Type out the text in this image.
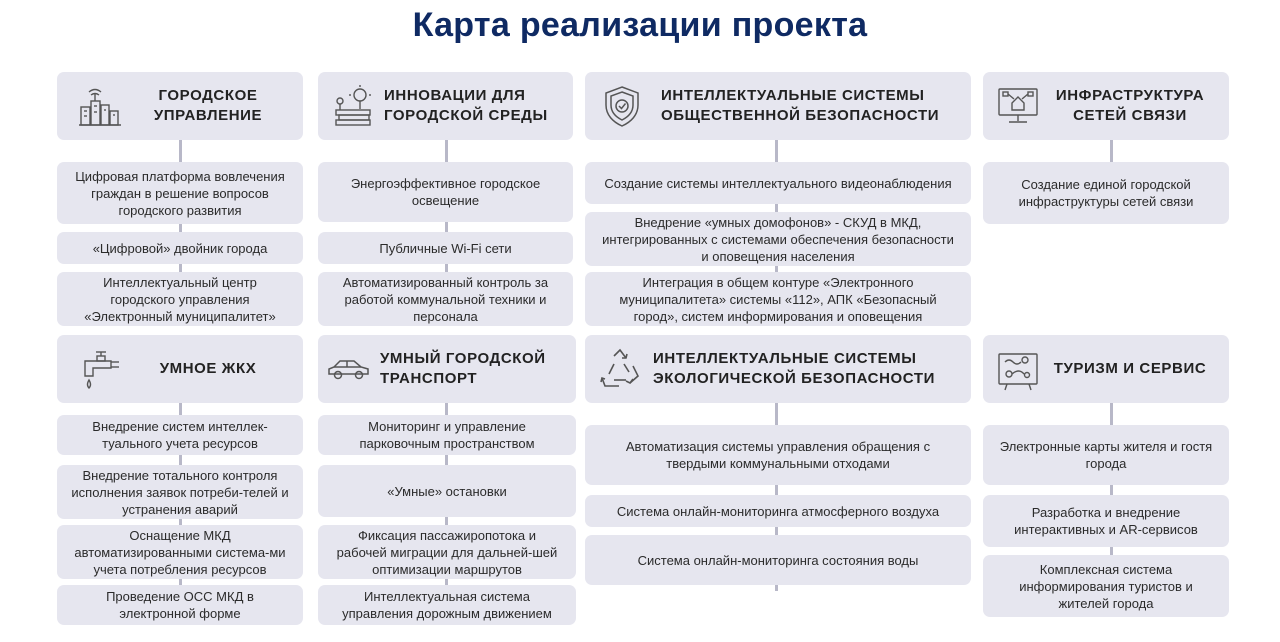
Карта реализации проекта
ГОРОДСКОЕ
УПРАВЛЕНИЕ
Цифровая платформа вовлечения граждан в решение вопросов городского развития
«Цифровой» двойник города
Интеллектуальный центр городского управления «Электронный муниципалитет»
ИННОВАЦИИ ДЛЯ
ГОРОДСКОЙ СРЕДЫ
Энергоэффективное городское освещение
Публичные Wi-Fi сети
Автоматизированный контроль за работой коммунальной техники и персонала
ИНТЕЛЛЕКТУАЛЬНЫЕ СИСТЕМЫ
ОБЩЕСТВЕННОЙ БЕЗОПАСНОСТИ
Создание системы интеллектуального видеонаблюдения
Внедрение «умных домофонов» - СКУД в МКД, интегрированных с системами обеспечения безопасности и оповещения населения
Интеграция в общем контуре «Электронного муниципалитета» системы «112», АПК «Безопасный город», систем информирования и оповещения
ИНФРАСТРУКТУРА
СЕТЕЙ СВЯЗИ
Создание единой городской инфраструктуры сетей связи
УМНОЕ ЖКХ
Внедрение систем интеллек-туального учета ресурсов
Внедрение тотального контроля исполнения заявок потреби-телей и устранения аварий
Оснащение МКД автоматизированными система-ми учета потребления ресурсов
Проведение ОСС МКД в электронной форме
УМНЫЙ ГОРОДСКОЙ
ТРАНСПОРТ
Мониторинг и управление парковочным пространством
«Умные» остановки
Фиксация пассажиропотока и рабочей миграции для дальней-шей оптимизации маршрутов
Интеллектуальная система управления дорожным движением
ИНТЕЛЛЕКТУАЛЬНЫЕ СИСТЕМЫ
ЭКОЛОГИЧЕСКОЙ БЕЗОПАСНОСТИ
Автоматизация системы управления обращения с твердыми коммунальными отходами
Система онлайн-мониторинга атмосферного воздуха
Система онлайн-мониторинга состояния воды
ТУРИЗМ И СЕРВИС
Электронные карты жителя и гостя города
Разработка и внедрение интерактивных и AR-сервисов
Комплексная система информирования туристов и жителей города
